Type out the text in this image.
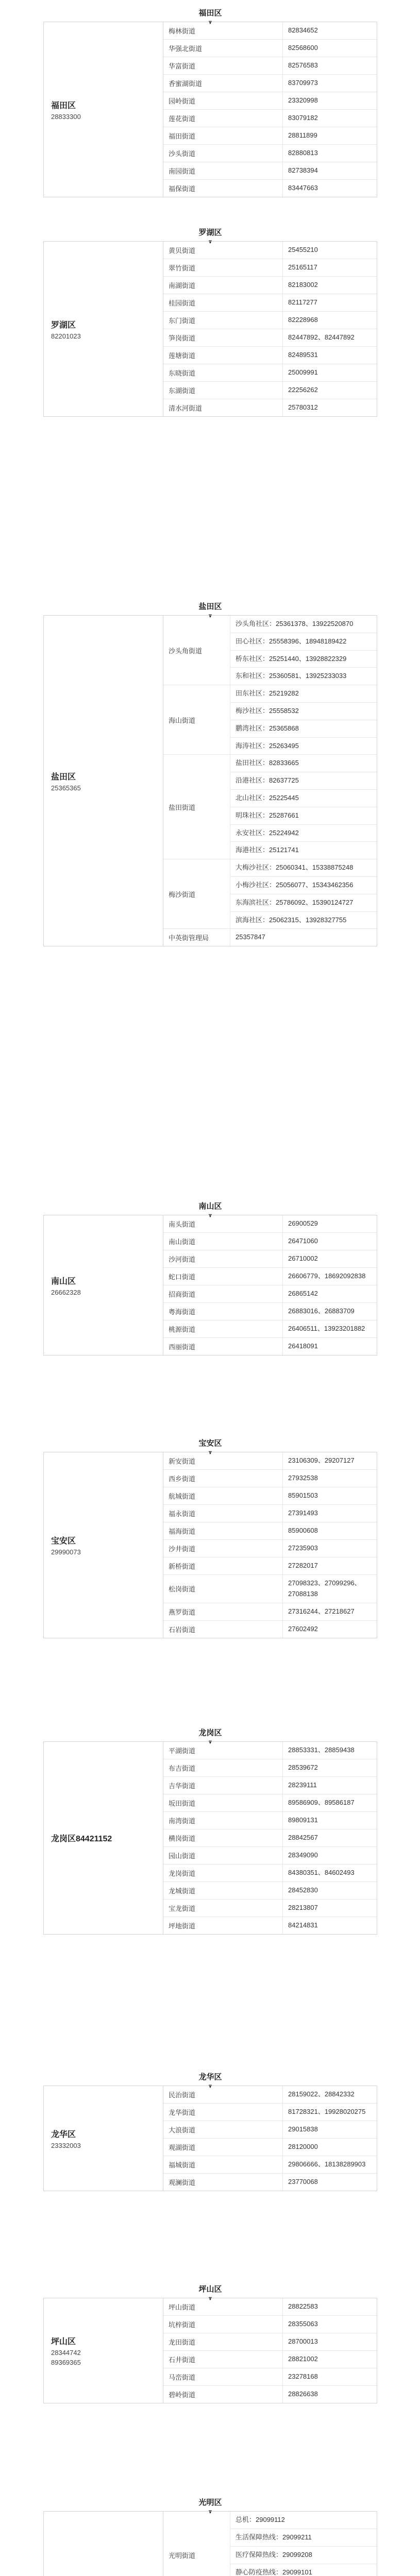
福田区
▼
福田区
28833300
梅林街道	82834652
华强北街道	82568600
华富街道	82576583
香蜜湖街道	83709973
园岭街道	23320998
莲花街道	83079182
福田街道	28811899
沙头街道	82880813
南园街道	82738394
福保街道	83447663
罗湖区
▼
罗湖区
82201023
黄贝街道	25455210
翠竹街道	25165117
南湖街道	82183002
桂园街道	82117277
东门街道	82228968
笋岗街道	82447892、82447892
莲塘街道	82489531
东晓街道	25009991
东湖街道	22256262
清水河街道	25780312
盐田区
▼
盐田区
25365365
沙头角街道
沙头角社区：25361378、13922520870
田心社区：25558396、18948189422
桥东社区：25251440、13928822329
东和社区：25360581、13925233033
海山街道
田东社区：25219282
梅沙社区：25558532
鹏湾社区：25365868
海涛社区：25263495
盐田街道
盐田社区：82833665
沿港社区：82637725
北山社区：25225445
明珠社区：25287661
永安社区：25224942
海港社区：25121741
梅沙街道
大梅沙社区：25060341、15338875248
小梅沙社区：25056077、15343462356
东海滨社区：25786092、15390124727
滨海社区：25062315、13928327755
中英街管理局	25357847
南山区
▼
南山区
26662328
南头街道	26900529
南山街道	26471060
沙河街道	26710002
蛇口街道	26606779、18692092838
招商街道	26865142
粤海街道	26883016、26883709
桃源街道	26406511、13923201882
西丽街道	26418091
宝安区
▼
宝安区
29990073
新安街道	23106309、29207127
西乡街道	27932538
航城街道	85901503
福永街道	27391493
福海街道	85900608
沙井街道	27235903
新桥街道	27282017
松岗街道
27098323、27099296、27088138
燕罗街道	27316244、27218627
石岩街道	27602492
龙岗区
▼
龙岗区84421152
平湖街道	28853331、28859438
布吉街道	28539672
吉华街道	28239111
坂田街道	89586909、89586187
南湾街道	89809131
横岗街道	28842567
园山街道	28349090
龙岗街道	84380351、84602493
龙城街道	28452830
宝龙街道	28213807
坪地街道	84214831
龙华区
▼
龙华区
23332003
民治街道	28159022、28842332
龙华街道	81728321、19928020275
大浪街道	29015838
观湖街道	28120000
福城街道	29806666、18138289903
观澜街道	23770068
坪山区
▼
坪山区
28344742
89369365
坪山街道	28822583
坑梓街道	28355063
龙田街道	28700013
石井街道	28821002
马峦街道	23278168
碧岭街道	28826638
光明区
▼
光明街道
总机：29099112
生活保障热线：29099211
医疗保障热线：29099208
静心防疫热线：29099101
